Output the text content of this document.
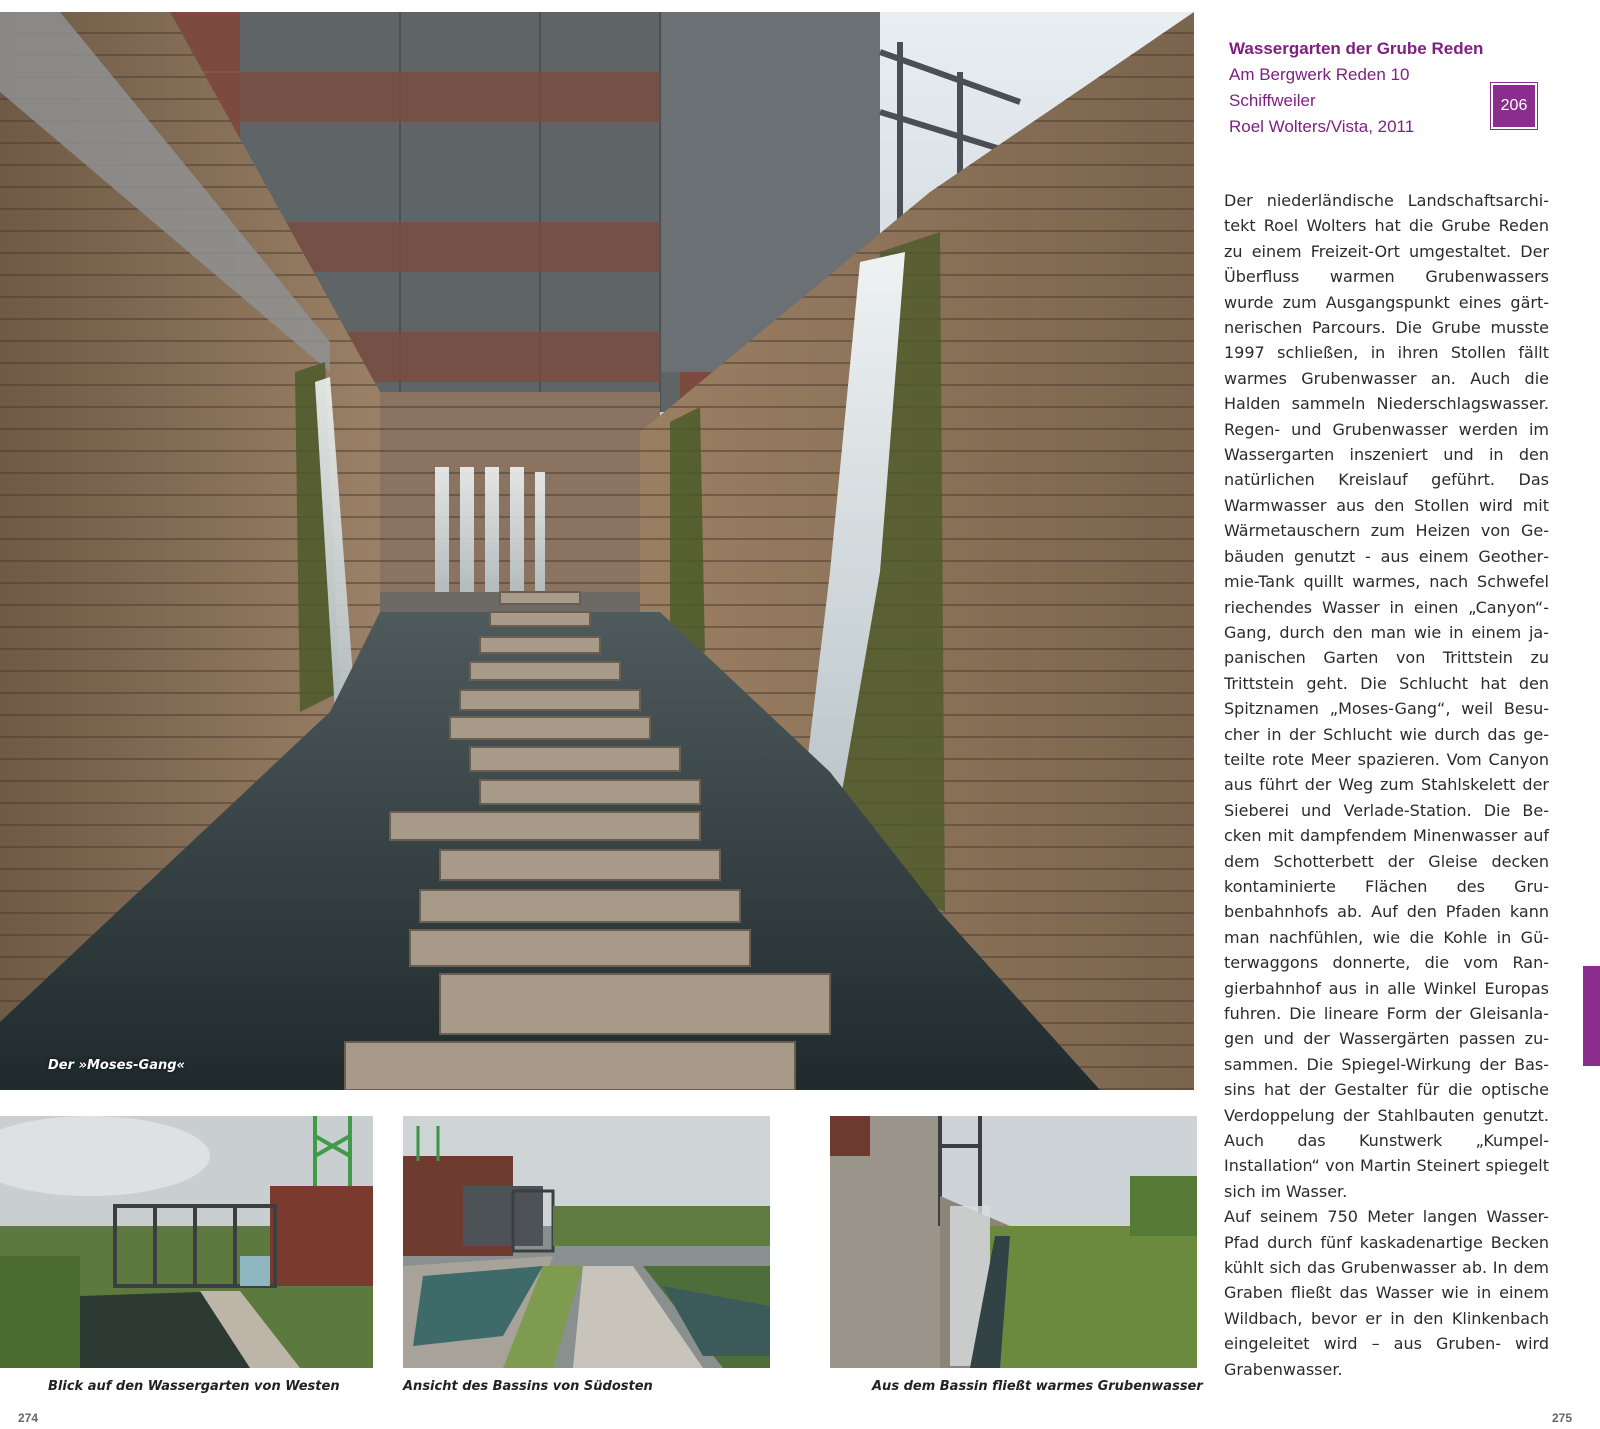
Der »Moses-Gang«
Blick auf den Wassergarten von Westen	Ansicht des Bassins von Südosten	Aus dem Bassin fließt warmes Grubenwasser
Wassergarten der Grube Reden
Am Bergwerk Reden 10
Schiffweiler
Roel Wolters/Vista, 2011
206

Der niederländische Landschaftsarchitekt Roel Wolters hat die Grube Reden zu einem Freizeit-Ort umgestaltet. Der Überfluss warmen Grubenwassers wurde zum Ausgangspunkt eines gärtnerischen Parcours. Die Grube musste 1997 schließen, in ihren Stollen fällt warmes Grubenwasser an. Auch die Halden sammeln Niederschlagswasser. Regen- und Grubenwasser werden im Wassergarten inszeniert und in den natürlichen Kreislauf geführt. Das Warmwasser aus den Stollen wird mit Wärmetauschern zum Heizen von Gebäuden genutzt - aus einem Geothermie-Tank quillt warmes, nach Schwefel riechendes Wasser in einen „Canyon“-Gang, durch den man wie in einem japanischen Garten von Trittstein zu Trittstein geht. Die Schlucht hat den Spitznamen „Moses-Gang“, weil Besucher in der Schlucht wie durch das geteilte rote Meer spazieren. Vom Canyon aus führt der Weg zum Stahlskelett der Sieberei und Verlade-Station. Die Becken mit dampfendem Minenwasser auf dem Schotterbett der Gleise decken kontaminierte Flächen des Grubenbahnhofs ab. Auf den Pfaden kann man nachfühlen, wie die Kohle in Güterwaggons donnerte, die vom Rangierbahnhof aus in alle Winkel Europas fuhren. Die lineare Form der Gleisanlagen und der Wassergärten passen zusammen. Die Spiegel-Wirkung der Bassins hat der Gestalter für die optische Verdoppelung der Stahlbauten genutzt. Auch das Kunstwerk „Kumpel-Installation“ von Martin Steinert spiegelt sich im Wasser.

Auf seinem 750 Meter langen Wasser-Pfad durch fünf kaskadenartige Becken kühlt sich das Grubenwasser ab. In dem Graben fließt das Wasser wie in einem Wildbach, bevor er in den Klinkenbach eingeleitet wird – aus Gruben- wird Grabenwasser.

274	275
